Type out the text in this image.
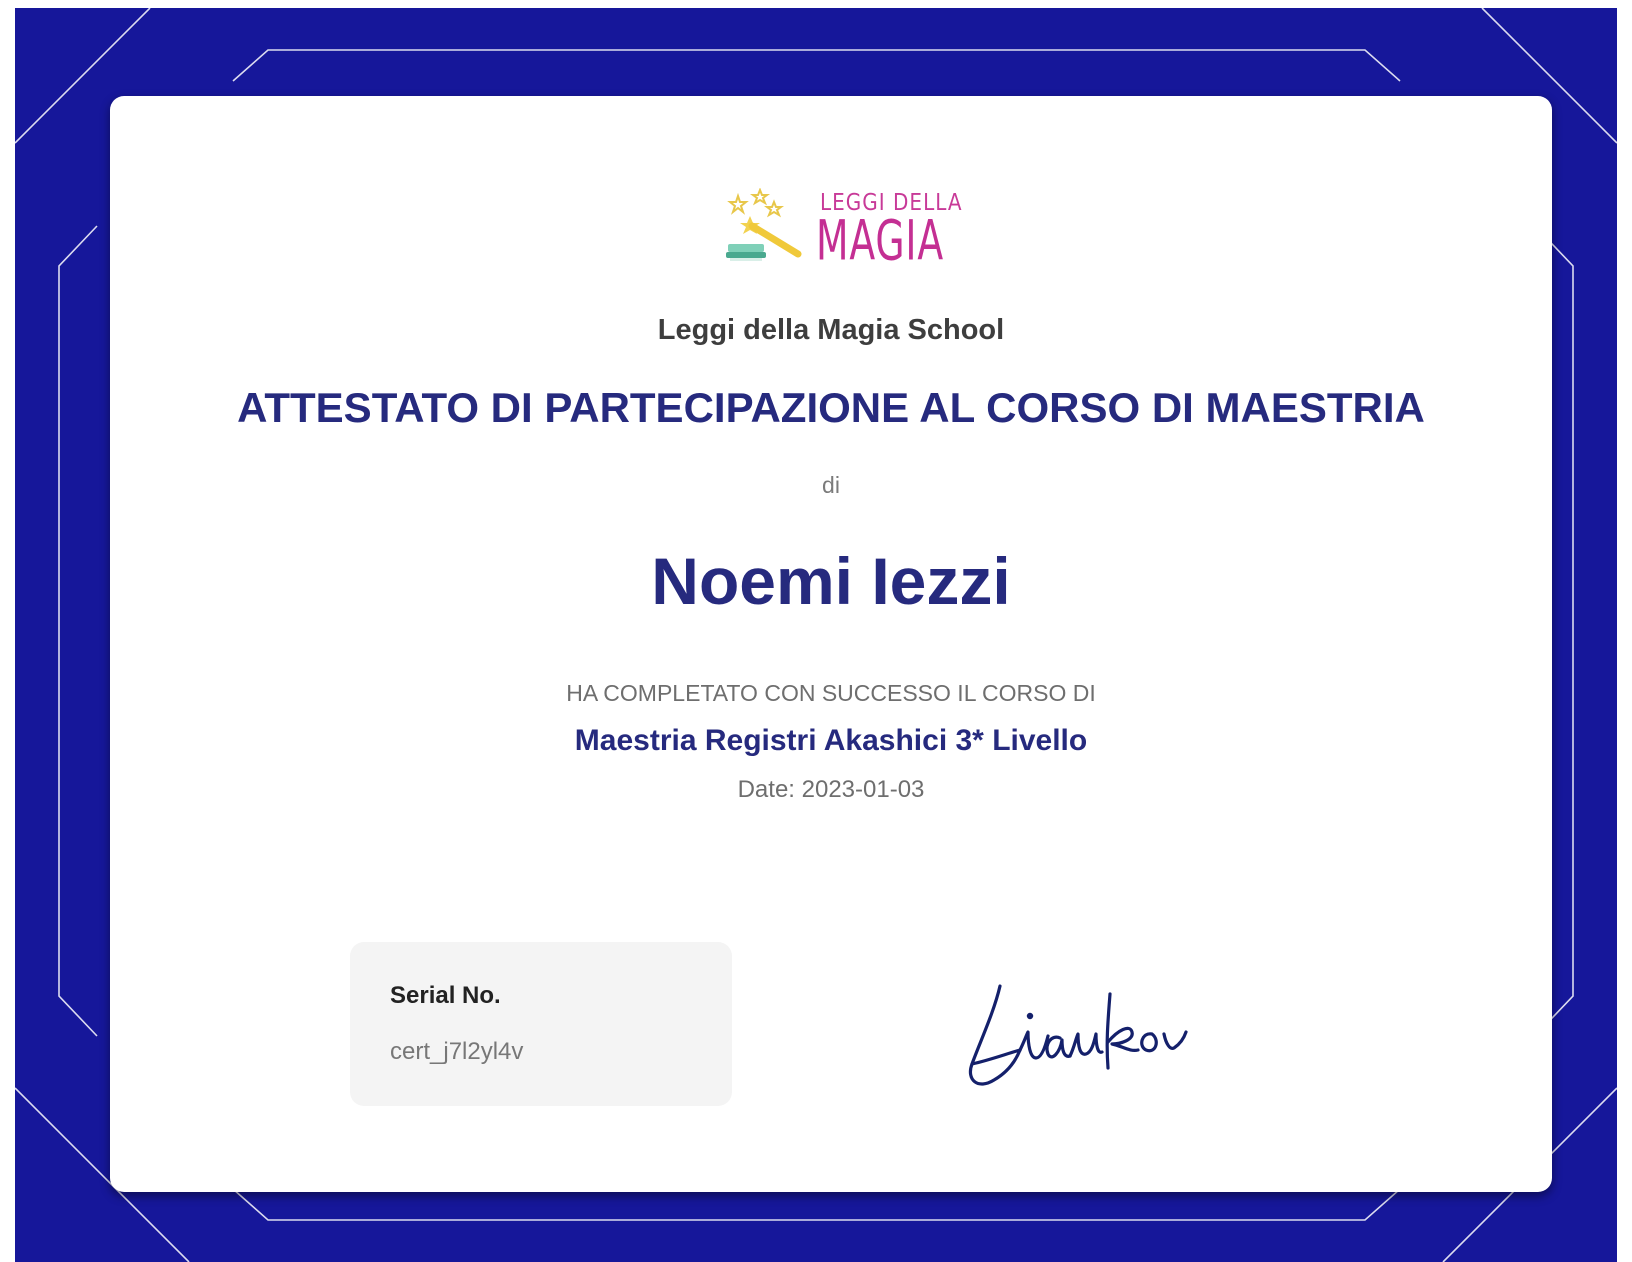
LEGGI DELLA
MAGIA
Leggi della Magia School
ATTESTATO DI PARTECIPAZIONE AL CORSO DI MAESTRIA
di
Noemi Iezzi
HA COMPLETATO CON SUCCESSO IL CORSO DI
Maestria Registri Akashici 3* Livello
Date: 2023-01-03
Serial No.
cert_j7l2yl4v
